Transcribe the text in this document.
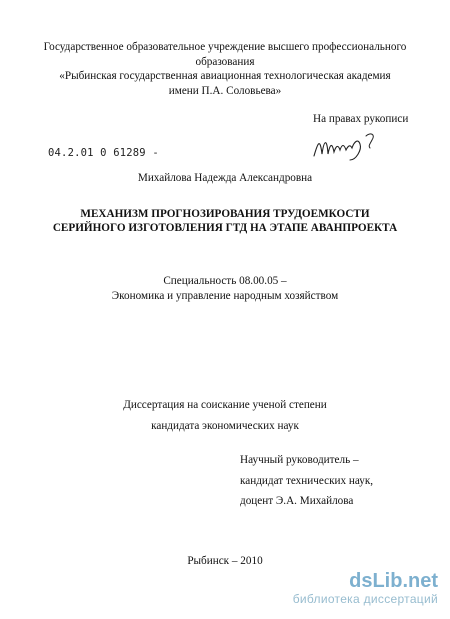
Государственное образовательное учреждение высшего профессионального
образования
«Рыбинская государственная авиационная технологическая академия
имени П.А. Соловьева»
На правах рукописи
04.2.01 0 61289 -
Михайлова Надежда Александровна
МЕХАНИЗМ ПРОГНОЗИРОВАНИЯ ТРУДОЕМКОСТИ
СЕРИЙНОГО ИЗГОТОВЛЕНИЯ ГТД НА ЭТАПЕ АВАНПРОЕКТА
Специальность 08.00.05 –
Экономика и управление народным хозяйством
Диссертация на соискание ученой степени
кандидата экономических наук
Научный руководитель –
кандидат технических наук,
доцент Э.А. Михайлова
Рыбинск – 2010
dsLib.net
библиотека диссертаций
